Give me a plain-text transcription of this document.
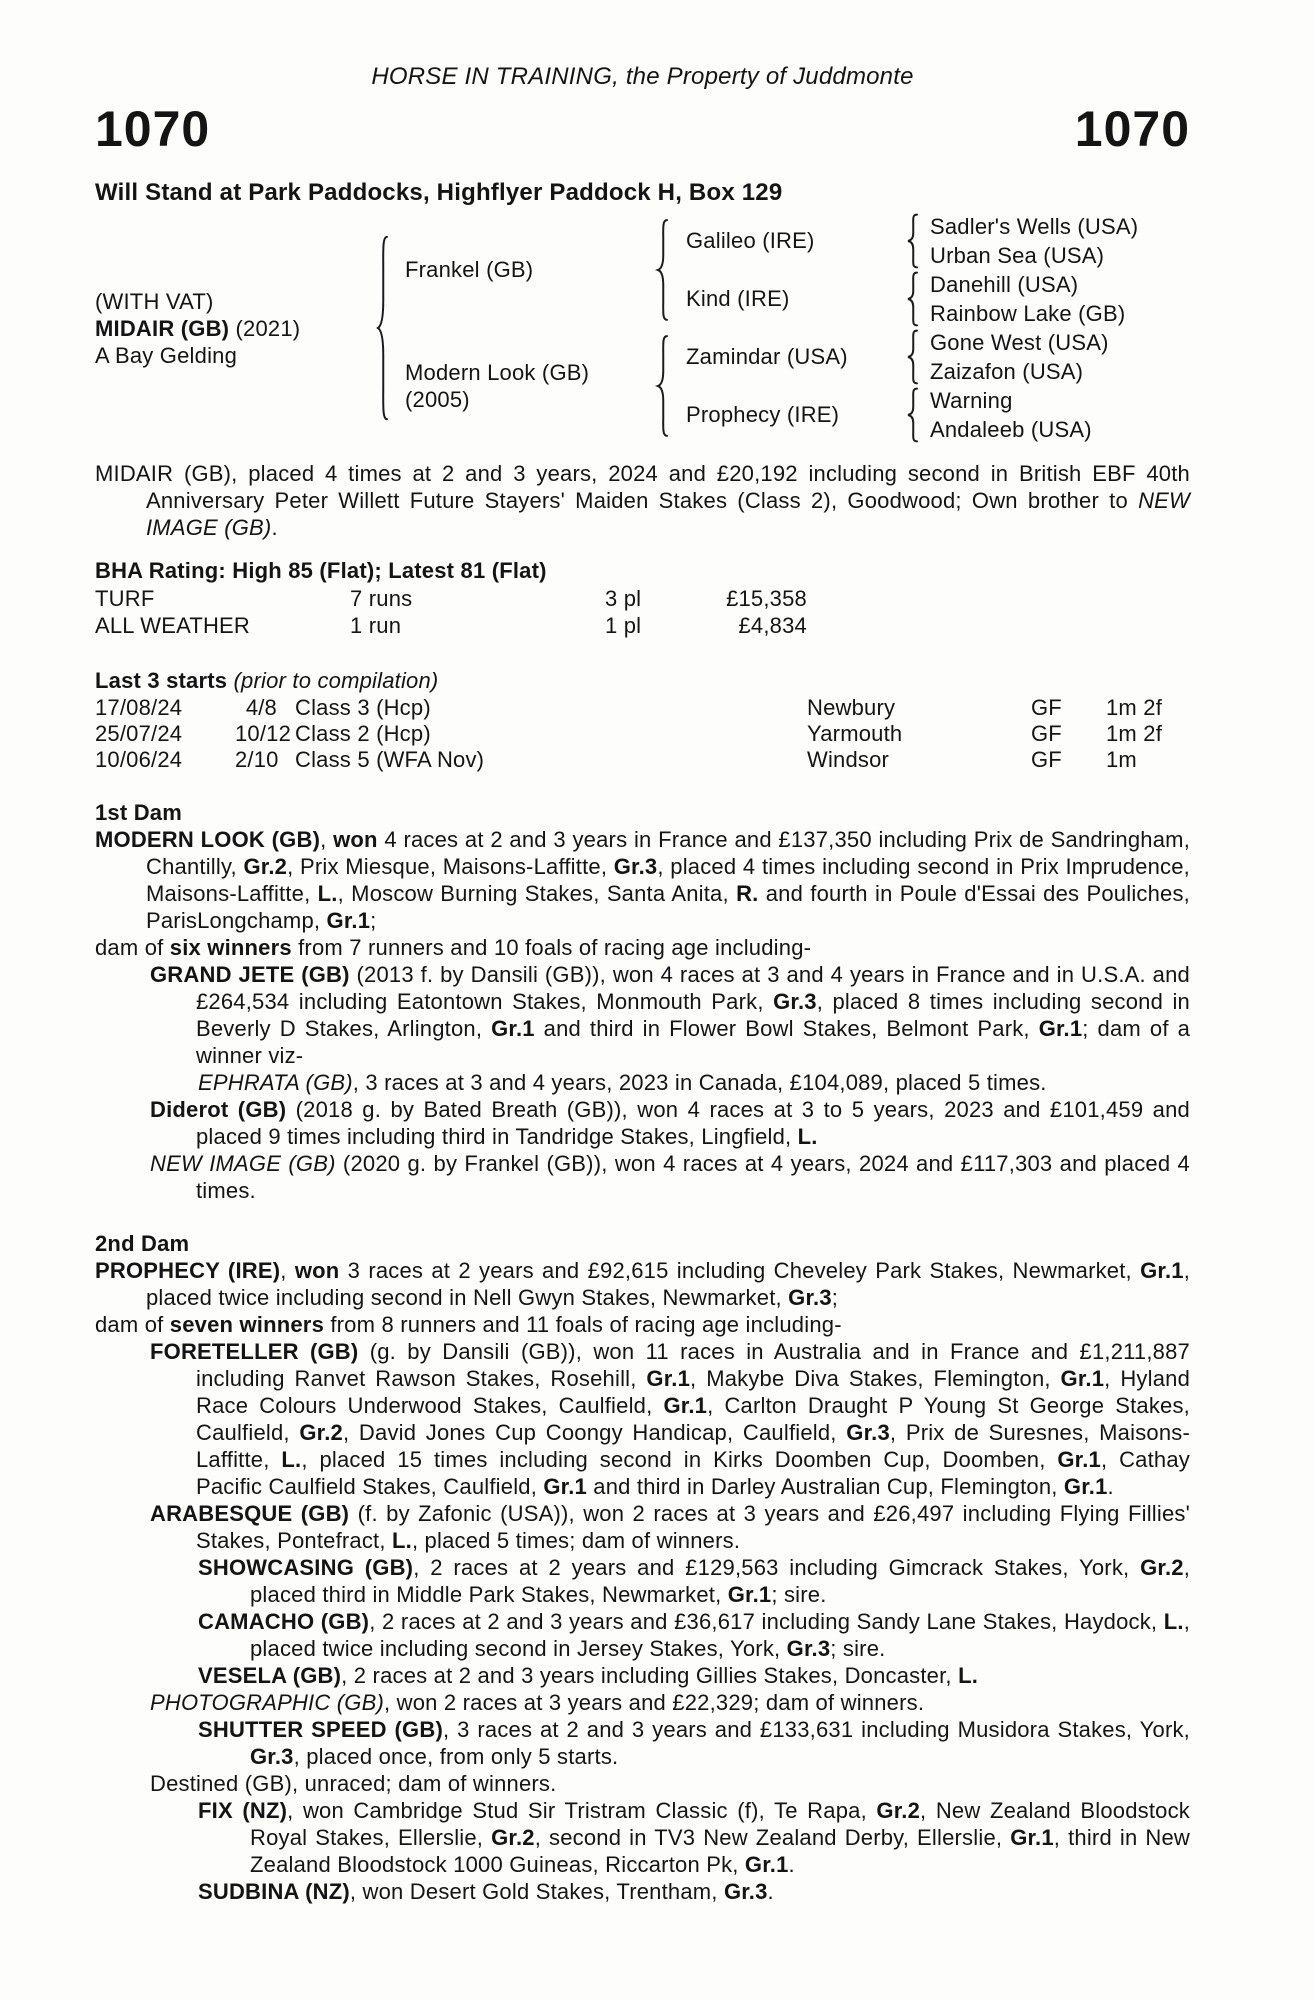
HORSE IN TRAINING, the Property of Juddmonte
1070	1070
Will Stand at Park Paddocks, Highflyer Paddock H, Box 129
(WITH VAT)
MIDAIR (GB) (2021)
A Bay Gelding
Frankel (GB)
Modern Look (GB)
(2005)
Galileo (IRE)
Kind (IRE)
Zamindar (USA)
Prophecy (IRE)
Sadler's Wells (USA)
Urban Sea (USA)
Danehill (USA)
Rainbow Lake (GB)
Gone West (USA)
Zaizafon (USA)
Warning
Andaleeb (USA)
MIDAIR (GB), placed 4 times at 2 and 3 years, 2024 and £20,192 including second in British EBF 40th Anniversary Peter Willett Future Stayers' Maiden Stakes (Class 2), Goodwood; Own brother to NEW IMAGE (GB).
BHA Rating: High 85 (Flat); Latest 81 (Flat)
TURF	7 runs	3 pl	£15,358
ALL WEATHER	1 run	1 pl	£4,834
Last 3 starts (prior to compilation)
17/08/24	4/8 Class 3 (Hcp)	Newbury	GF	1m 2f
25/07/24	10/12 Class 2 (Hcp)	Yarmouth	GF	1m 2f
10/06/24	2/10 Class 5 (WFA Nov)	Windsor	GF	1m
1st Dam
MODERN LOOK (GB), won 4 races at 2 and 3 years in France and £137,350 including Prix de Sandringham, Chantilly, Gr.2, Prix Miesque, Maisons-Laffitte, Gr.3, placed 4 times including second in Prix Imprudence, Maisons-Laffitte, L., Moscow Burning Stakes, Santa Anita, R. and fourth in Poule d'Essai des Pouliches, ParisLongchamp, Gr.1;
dam of six winners from 7 runners and 10 foals of racing age including-
GRAND JETE (GB) (2013 f. by Dansili (GB)), won 4 races at 3 and 4 years in France and in U.S.A. and £264,534 including Eatontown Stakes, Monmouth Park, Gr.3, placed 8 times including second in Beverly D Stakes, Arlington, Gr.1 and third in Flower Bowl Stakes, Belmont Park, Gr.1; dam of a winner viz-
EPHRATA (GB), 3 races at 3 and 4 years, 2023 in Canada, £104,089, placed 5 times.
Diderot (GB) (2018 g. by Bated Breath (GB)), won 4 races at 3 to 5 years, 2023 and £101,459 and placed 9 times including third in Tandridge Stakes, Lingfield, L.
NEW IMAGE (GB) (2020 g. by Frankel (GB)), won 4 races at 4 years, 2024 and £117,303 and placed 4 times.
2nd Dam
PROPHECY (IRE), won 3 races at 2 years and £92,615 including Cheveley Park Stakes, Newmarket, Gr.1, placed twice including second in Nell Gwyn Stakes, Newmarket, Gr.3;
dam of seven winners from 8 runners and 11 foals of racing age including-
FORETELLER (GB) (g. by Dansili (GB)), won 11 races in Australia and in France and £1,211,887 including Ranvet Rawson Stakes, Rosehill, Gr.1, Makybe Diva Stakes, Flemington, Gr.1, Hyland Race Colours Underwood Stakes, Caulfield, Gr.1, Carlton Draught P Young St George Stakes, Caulfield, Gr.2, David Jones Cup Coongy Handicap, Caulfield, Gr.3, Prix de Suresnes, Maisons-Laffitte, L., placed 15 times including second in Kirks Doomben Cup, Doomben, Gr.1, Cathay Pacific Caulfield Stakes, Caulfield, Gr.1 and third in Darley Australian Cup, Flemington, Gr.1.
ARABESQUE (GB) (f. by Zafonic (USA)), won 2 races at 3 years and £26,497 including Flying Fillies' Stakes, Pontefract, L., placed 5 times; dam of winners.
SHOWCASING (GB), 2 races at 2 years and £129,563 including Gimcrack Stakes, York, Gr.2, placed third in Middle Park Stakes, Newmarket, Gr.1; sire.
CAMACHO (GB), 2 races at 2 and 3 years and £36,617 including Sandy Lane Stakes, Haydock, L., placed twice including second in Jersey Stakes, York, Gr.3; sire.
VESELA (GB), 2 races at 2 and 3 years including Gillies Stakes, Doncaster, L.
PHOTOGRAPHIC (GB), won 2 races at 3 years and £22,329; dam of winners.
SHUTTER SPEED (GB), 3 races at 2 and 3 years and £133,631 including Musidora Stakes, York, Gr.3, placed once, from only 5 starts.
Destined (GB), unraced; dam of winners.
FIX (NZ), won Cambridge Stud Sir Tristram Classic (f), Te Rapa, Gr.2, New Zealand Bloodstock Royal Stakes, Ellerslie, Gr.2, second in TV3 New Zealand Derby, Ellerslie, Gr.1, third in New Zealand Bloodstock 1000 Guineas, Riccarton Pk, Gr.1.
SUDBINA (NZ), won Desert Gold Stakes, Trentham, Gr.3.
